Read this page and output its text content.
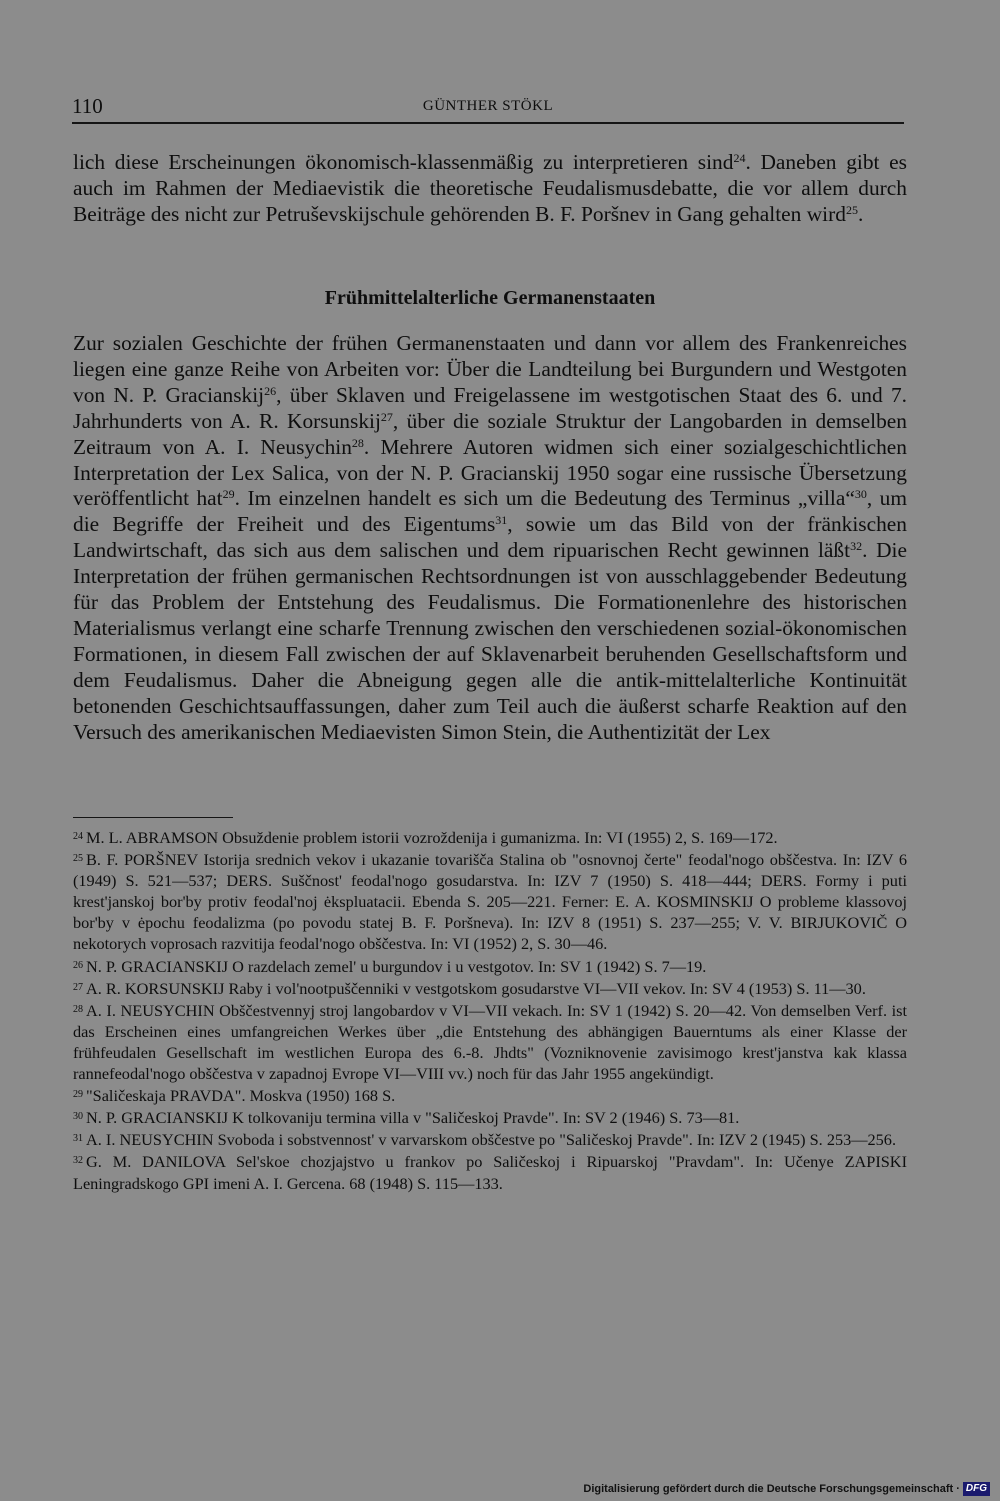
110	GÜNTHER STÖKL

lich diese Erscheinungen ökonomisch-klassenmäßig zu interpretieren sind$^{24}$. Daneben gibt es auch im Rahmen der Mediaevistik die theoretische Feudalismusdebatte, die vor allem durch Beiträge des nicht zur Petruševskijschule gehörenden B. F. Poršnev in Gang gehalten wird$^{25}$.

Frühmittelalterliche Germanenstaaten

Zur sozialen Geschichte der frühen Germanenstaaten und dann vor allem des Frankenreiches liegen eine ganze Reihe von Arbeiten vor: Über die Landteilung bei Burgundern und Westgoten von N. P. Gracianskij$^{26}$, über Sklaven und Freigelassene im westgotischen Staat des 6. und 7. Jahrhunderts von A. R. Korsunskij$^{27}$, über die soziale Struktur der Langobarden in demselben Zeitraum von A. I. Neusychin$^{28}$. Mehrere Autoren widmen sich einer sozialgeschichtlichen Interpretation der Lex Salica, von der N. P. Gracianskij 1950 sogar eine russische Übersetzung veröffentlicht hat$^{29}$. Im einzelnen handelt es sich um die Bedeutung des Terminus „villa“$^{30}$, um die Begriffe der Freiheit und des Eigentums$^{31}$, sowie um das Bild von der fränkischen Landwirtschaft, das sich aus dem salischen und dem ripuarischen Recht gewinnen läßt$^{32}$. Die Interpretation der frühen germanischen Rechtsordnungen ist von ausschlaggebender Bedeutung für das Problem der Entstehung des Feudalismus. Die Formationenlehre des historischen Materialismus verlangt eine scharfe Trennung zwischen den verschiedenen sozial-ökonomischen Formationen, in diesem Fall zwischen der auf Sklavenarbeit beruhenden Gesellschaftsform und dem Feudalismus. Daher die Abneigung gegen alle die antik-mittelalterliche Kontinuität betonenden Geschichtsauffassungen, daher zum Teil auch die äußerst scharfe Reaktion auf den Versuch des amerikanischen Mediaevisten Simon Stein, die Authentizität der Lex

$^{24}$ M. L. ABRAMSON Obsuždenie problem istorii vozroždenija i gumanizma. In: VI (1955) 2, S. 169—172.

$^{25}$ B. F. PORŠNEV Istorija srednich vekov i ukazanie tovarišča Stalina ob "osnovnoj čerte" feodal'nogo obščestva. In: IZV 6 (1949) S. 521—537; DERS. Suščnost' feodal'nogo gosudarstva. In: IZV 7 (1950) S. 418—444; DERS. Formy i puti krest'janskoj bor'by protiv feodal'noj ėkspluatacii. Ebenda S. 205—221. Ferner: E. A. KOSMINSKIJ O probleme klassovoj bor'by v ėpochu feodalizma (po povodu statej B. F. Poršneva). In: IZV 8 (1951) S. 237—255; V. V. BIRJUKOVIČ O nekotorych voprosach razvitija feodal'nogo obščestva. In: VI (1952) 2, S. 30—46.

$^{26}$ N. P. GRACIANSKIJ O razdelach zemel' u burgundov i u vestgotov. In: SV 1 (1942) S. 7—19.

$^{27}$ A. R. KORSUNSKIJ Raby i vol'nootpuščenniki v vestgotskom gosudarstve VI—VII vekov. In: SV 4 (1953) S. 11—30.

$^{28}$ A. I. NEUSYCHIN Obščestvennyj stroj langobardov v VI—VII vekach. In: SV 1 (1942) S. 20—42. Von demselben Verf. ist das Erscheinen eines umfangreichen Werkes über „die Entstehung des abhängigen Bauerntums als einer Klasse der frühfeudalen Gesellschaft im westlichen Europa des 6.-8. Jhdts" (Vozniknovenie zavisimogo krest'janstva kak klassa rannefeodal'nogo obščestva v zapadnoj Evrope VI—VIII vv.) noch für das Jahr 1955 angekündigt.

$^{29}$ "Saličeskaja PRAVDA". Moskva (1950) 168 S.

$^{30}$ N. P. GRACIANSKIJ K tolkovaniju termina villa v "Saličeskoj Pravde". In: SV 2 (1946) S. 73—81.

$^{31}$ A. I. NEUSYCHIN Svoboda i sobstvennost' v varvarskom obščestve po "Saličeskoj Pravde". In: IZV 2 (1945) S. 253—256.

$^{32}$ G. M. DANILOVA Sel'skoe chozjajstvo u frankov po Saličeskoj i Ripuarskoj "Pravdam". In: Učenye ZAPISKI Leningradskogo GPI imeni A. I. Gercena. 68 (1948) S. 115—133.

Digitalisierung gefördert durch die Deutsche Forschungsgemeinschaft · DFG
